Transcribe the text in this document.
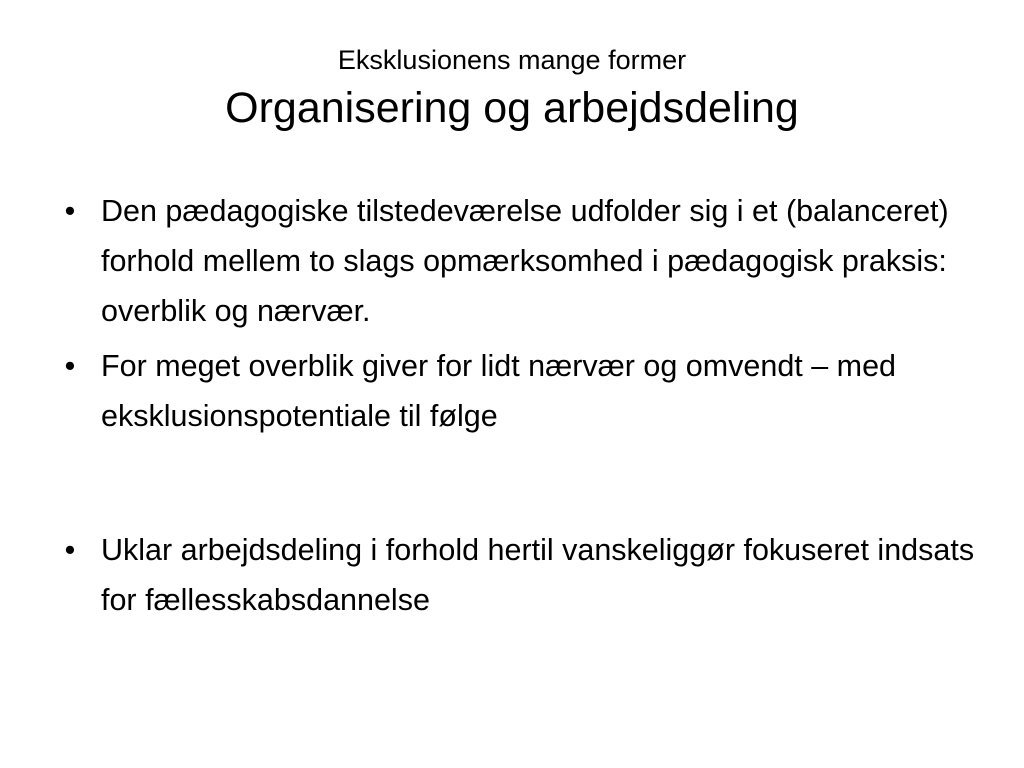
Eksklusionens mange former
Organisering og arbejdsdeling
• Den pædagogiske tilstedeværelse udfolder sig i et (balanceret) forhold mellem to slags opmærksomhed i pædagogisk praksis: overblik og nærvær.
• For meget overblik giver for lidt nærvær og omvendt – med eksklusionspotentiale til følge
• Uklar arbejdsdeling i forhold hertil vanskeliggør fokuseret indsats for fællesskabsdannelse
